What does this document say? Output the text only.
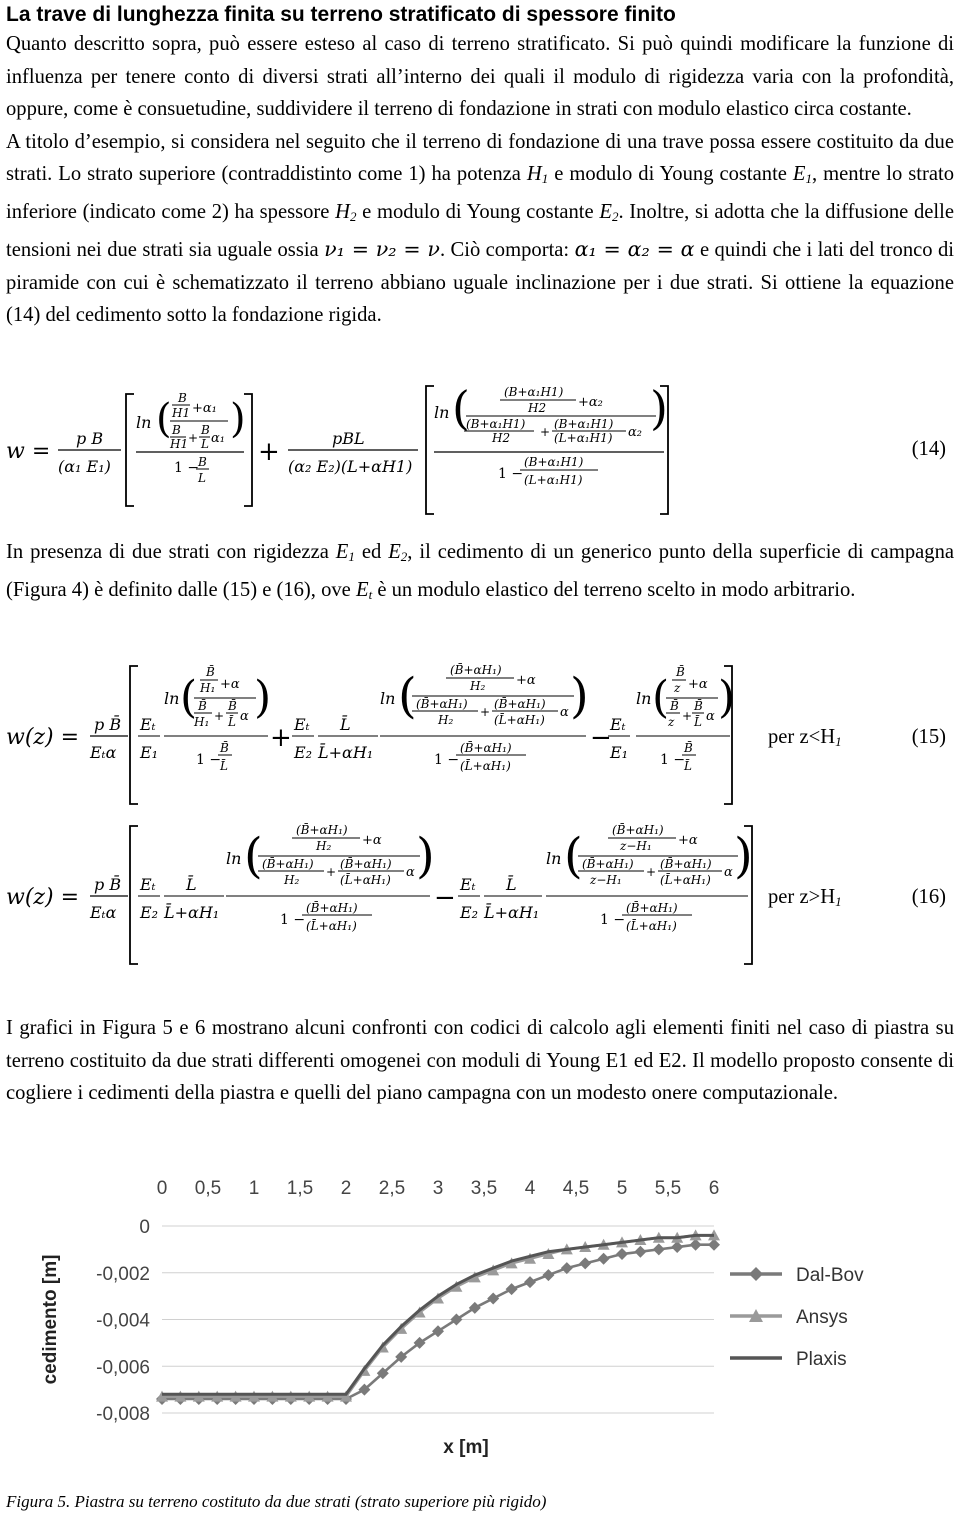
La trave di lunghezza finita su terreno stratificato di spessore finito

Quanto descritto sopra, può essere esteso al caso di terreno stratificato. Si può quindi modificare la funzione di influenza per tenere conto di diversi strati all’interno dei quali il modulo di rigidezza varia con la profondità, oppure, come è consuetudine, suddividere il terreno di fondazione in strati con modulo elastico circa costante.

A titolo d’esempio, si considera nel seguito che il terreno di fondazione di una trave possa essere costituito da due strati. Lo strato superiore (contraddistinto come 1) ha potenza $H_1$ e modulo di Young costante $E_1$, mentre lo strato inferiore (indicato come 2) ha spessore $H_2$ e modulo di Young costante $E_2$. Inoltre, si adotta che la diffusione delle tensioni nei due strati sia uguale ossia ν₁ = ν₂ = ν. Ciò comporta: α₁ = α₂ = α e quindi che i lati del tronco di piramide con cui è schematizzato il terreno abbiano uguale inclinazione per i due strati. Si ottiene la equazione (14) del cedimento sotto la fondazione rigida.

w =
p B
(α₁ E₁)
ln ( B
H1 +α₁
B
H1 +
B
L α₁ )
1 −
B
L
+	pBL
(α₂ E₂)(L+αH1)
ln (	(B+α₁H1)
H2 +α₂
(B+α₁H1)
H2 +
(B+α₁H1)
(L+α₁H1) α₂ )
1 −
(B+α₁H1)
(L+α₁H1)
(14)

In presenza di due strati con rigidezza $E_1$ ed $E_2$, il cedimento di un generico punto della superficie di campagna (Figura 4) è definito dalle (15) e (16), ove $E_t$ è un modulo elastico del terreno scelto in modo arbitrario.

w(z) =
p B̄
Eₜα
Eₜ
E₁
ln ( B̄
H₁ +α
B̄
H₁ +
B̄
L̄ α )
1 −
B̄
L̄
+ Eₜ
E₂
L̄
L̄+αH₁
ln (	(B̄+αH₁)
H₂ +α
(B̄+αH₁)
H₂
+
(B̄+αH₁)
(L̄+αH₁) α )
1 −
(B̄+αH₁)
(L̄+αH₁)
−
Eₜ
E₁
ln ( B̄
z +α
B̄
z +
B̄
L̄ α )
1 −
B̄
L̄
per $z<H_1$	(15)
w(z) =
p B̄
Eₜα
Eₜ
E₂
L̄
L̄+αH₁
ln (	(B̄+αH₁)
H₂ +α
(B̄+αH₁)
H₂
+
(B̄+αH₁)
(L̄+αH₁) α )
1 −
(B̄+αH₁)
(L̄+αH₁)
− Eₜ
E₂
L̄
L̄+αH₁
ln ( (B̄+αH₁)
z−H₁ +α
(B̄+αH₁)
z−H₁
+
(B̄+αH₁)
(L̄+αH₁) α )
1 −
(B̄+αH₁)
(L̄+αH₁)
per $z>H_1$	(16)

I grafici in Figura 5 e 6 mostrano alcuni confronti con codici di calcolo agli elementi finiti nel caso di piastra su terreno costituito da due strati differenti omogenei con moduli di Young E1 ed E2. Il modello proposto consente di cogliere i cedimenti della piastra e quelli del piano campagna con un modesto onere computazionale.

0
-0,002
-0,004
-0,006
-0,008
0 0,5 1 1,5 2 2,5 3 3,5 4 4,5 5 5,5 6
cedimento [m]
x [m]
Dal-Bov
Ansys
Plaxis
Figura 5. Piastra su terreno costituto da due strati (strato superiore più rigido)
